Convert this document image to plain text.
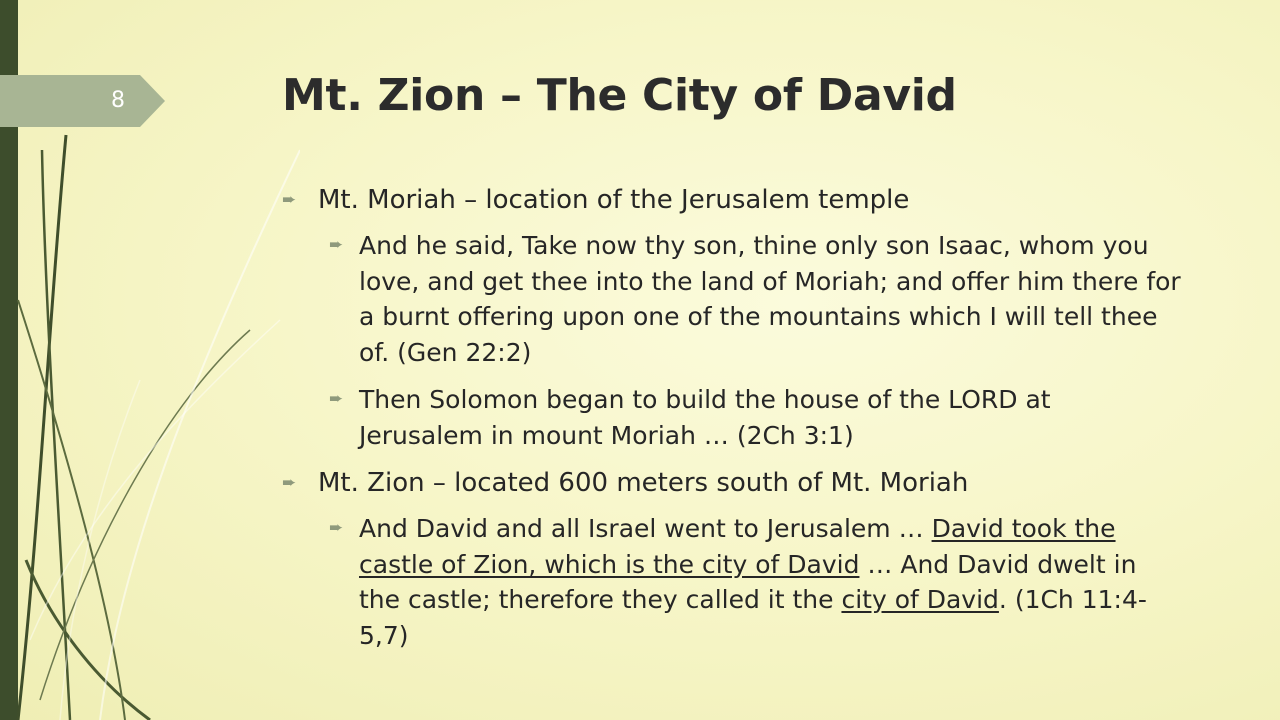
8	Mt. Zion – The City of David
➨ Mt. Moriah – location of the Jerusalem temple
➨ And he said, Take now thy son, thine only son Isaac, whom you love, and get thee into the land of Moriah; and offer him there for a burnt offering upon one of the mountains which I will tell thee of. (Gen 22:2)
➨ Then Solomon began to build the house of the LORD at Jerusalem in mount Moriah … (2Ch 3:1)
➨ Mt. Zion – located 600 meters south of Mt. Moriah
➨ And David and all Israel went to Jerusalem … David took the castle of Zion, which is the city of David … And David dwelt in the castle; therefore they called it the city of David. (1Ch 11:4-5,7)
